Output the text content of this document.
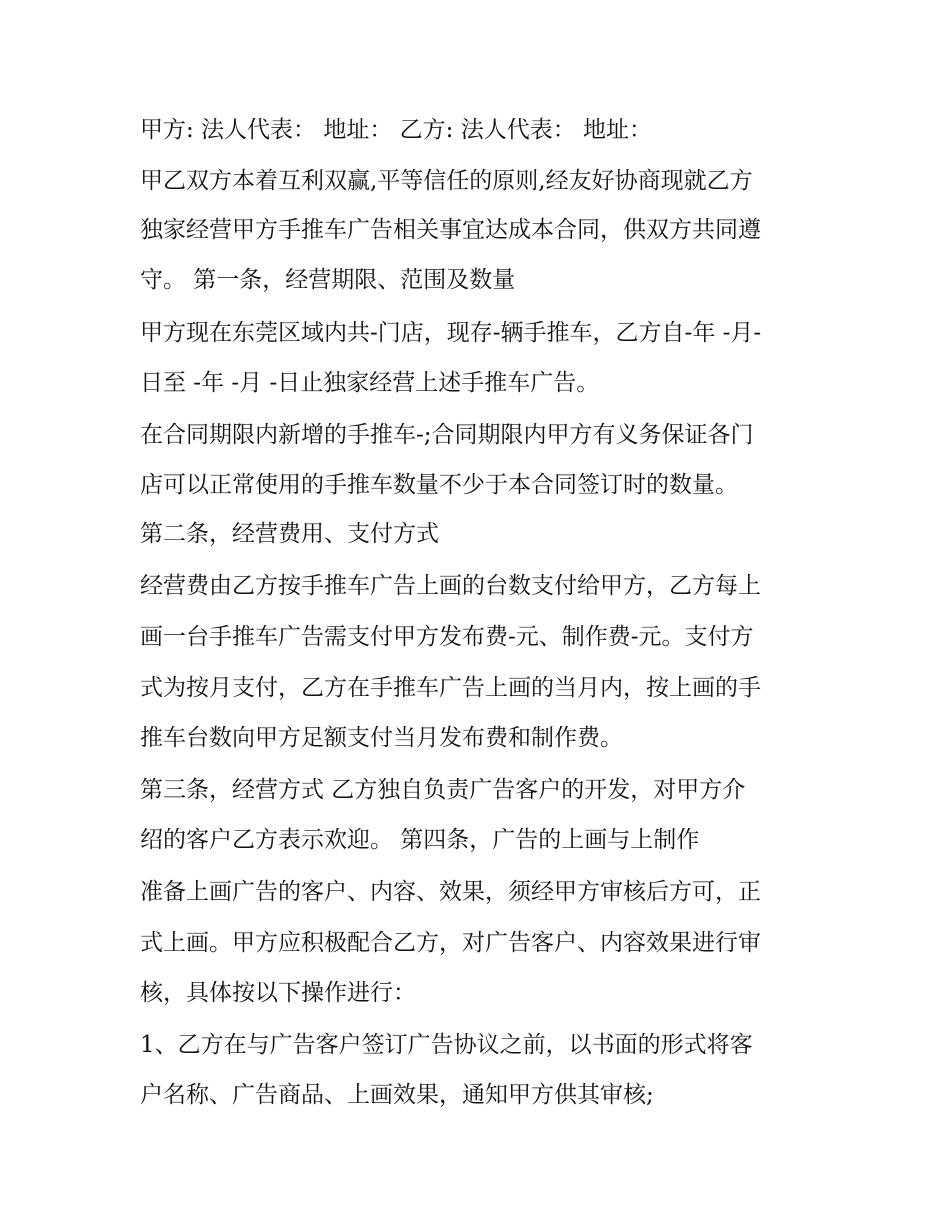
甲方: 法人代表： 地址： 乙方: 法人代表： 地址：

甲乙双方本着互利双赢,平等信任的原则,经友好协商现就乙方

独家经营甲方手推车广告相关事宜达成本合同，供双方共同遵

守。 第一条，经营期限、范围及数量

甲方现在东莞区域内共-门店，现存-辆手推车，乙方自-年 -月-

日至 -年 -月 -日止独家经营上述手推车广告。

在合同期限内新增的手推车-;合同期限内甲方有义务保证各门

店可以正常使用的手推车数量不少于本合同签订时的数量。

第二条，经营费用、支付方式

经营费由乙方按手推车广告上画的台数支付给甲方，乙方每上

画一台手推车广告需支付甲方发布费-元、制作费-元。支付方

式为按月支付，乙方在手推车广告上画的当月内，按上画的手

推车台数向甲方足额支付当月发布费和制作费。

第三条，经营方式 乙方独自负责广告客户的开发，对甲方介

绍的客户乙方表示欢迎。 第四条，广告的上画与上制作

准备上画广告的客户、内容、效果，须经甲方审核后方可，正

式上画。甲方应积极配合乙方，对广告客户、内容效果进行审

核，具体按以下操作进行：

1、乙方在与广告客户签订广告协议之前，以书面的形式将客

户名称、广告商品、上画效果，通知甲方供其审核;
